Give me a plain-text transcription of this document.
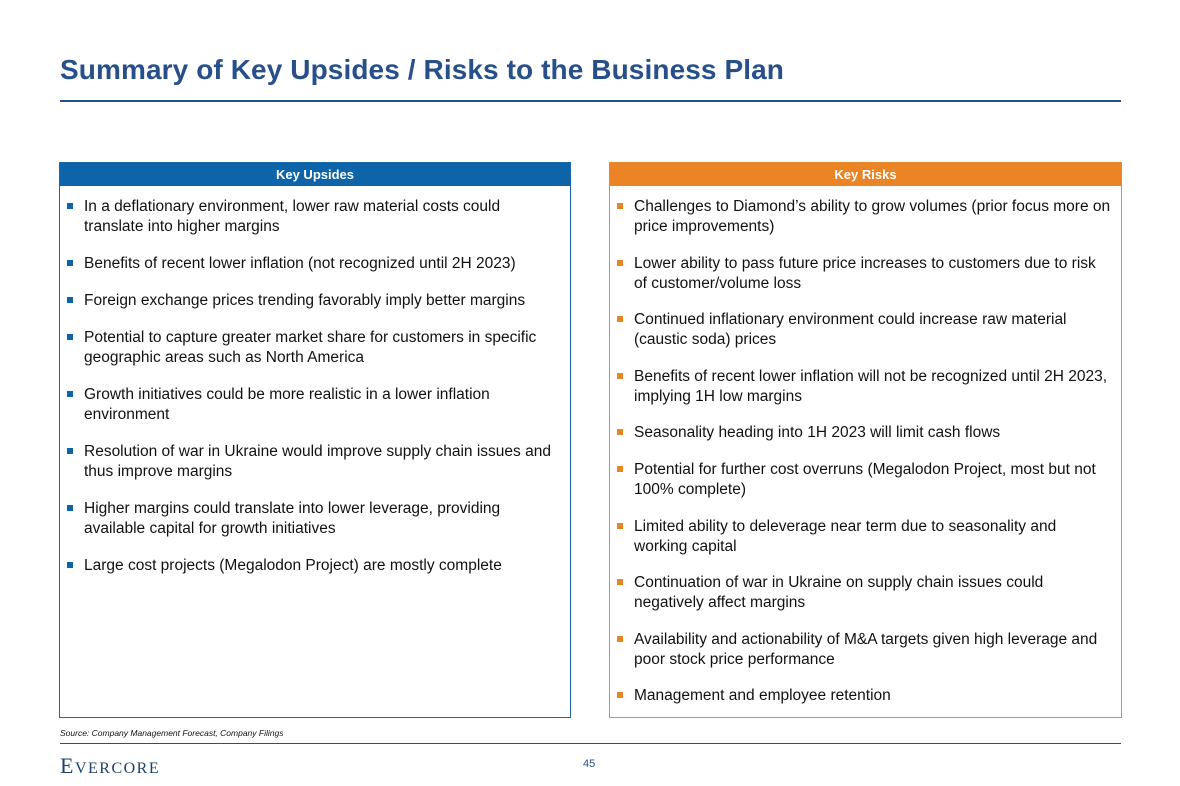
Summary of Key Upsides / Risks to the Business Plan
Key Upsides
In a deflationary environment, lower raw material costs could translate into higher margins
Benefits of recent lower inflation (not recognized until 2H 2023)
Foreign exchange prices trending favorably imply better margins
Potential to capture greater market share for customers in specific geographic areas such as North America
Growth initiatives could be more realistic in a lower inflation environment
Resolution of war in Ukraine would improve supply chain issues and thus improve margins
Higher margins could translate into lower leverage, providing available capital for growth initiatives
Large cost projects (Megalodon Project) are mostly complete
Key Risks
Challenges to Diamond’s ability to grow volumes (prior focus more on price improvements)
Lower ability to pass future price increases to customers due to risk of customer/volume loss
Continued inflationary environment could increase raw material (caustic soda) prices
Benefits of recent lower inflation will not be recognized until 2H 2023, implying 1H low margins
Seasonality heading into 1H 2023 will limit cash flows
Potential for further cost overruns (Megalodon Project, most but not 100% complete)
Limited ability to deleverage near term due to seasonality and working capital
Continuation of war in Ukraine on supply chain issues could negatively affect margins
Availability and actionability of M&A targets given high leverage and poor stock price performance
Management and employee retention
Source: Company Management Forecast, Company Filings
EVERCORE	45
